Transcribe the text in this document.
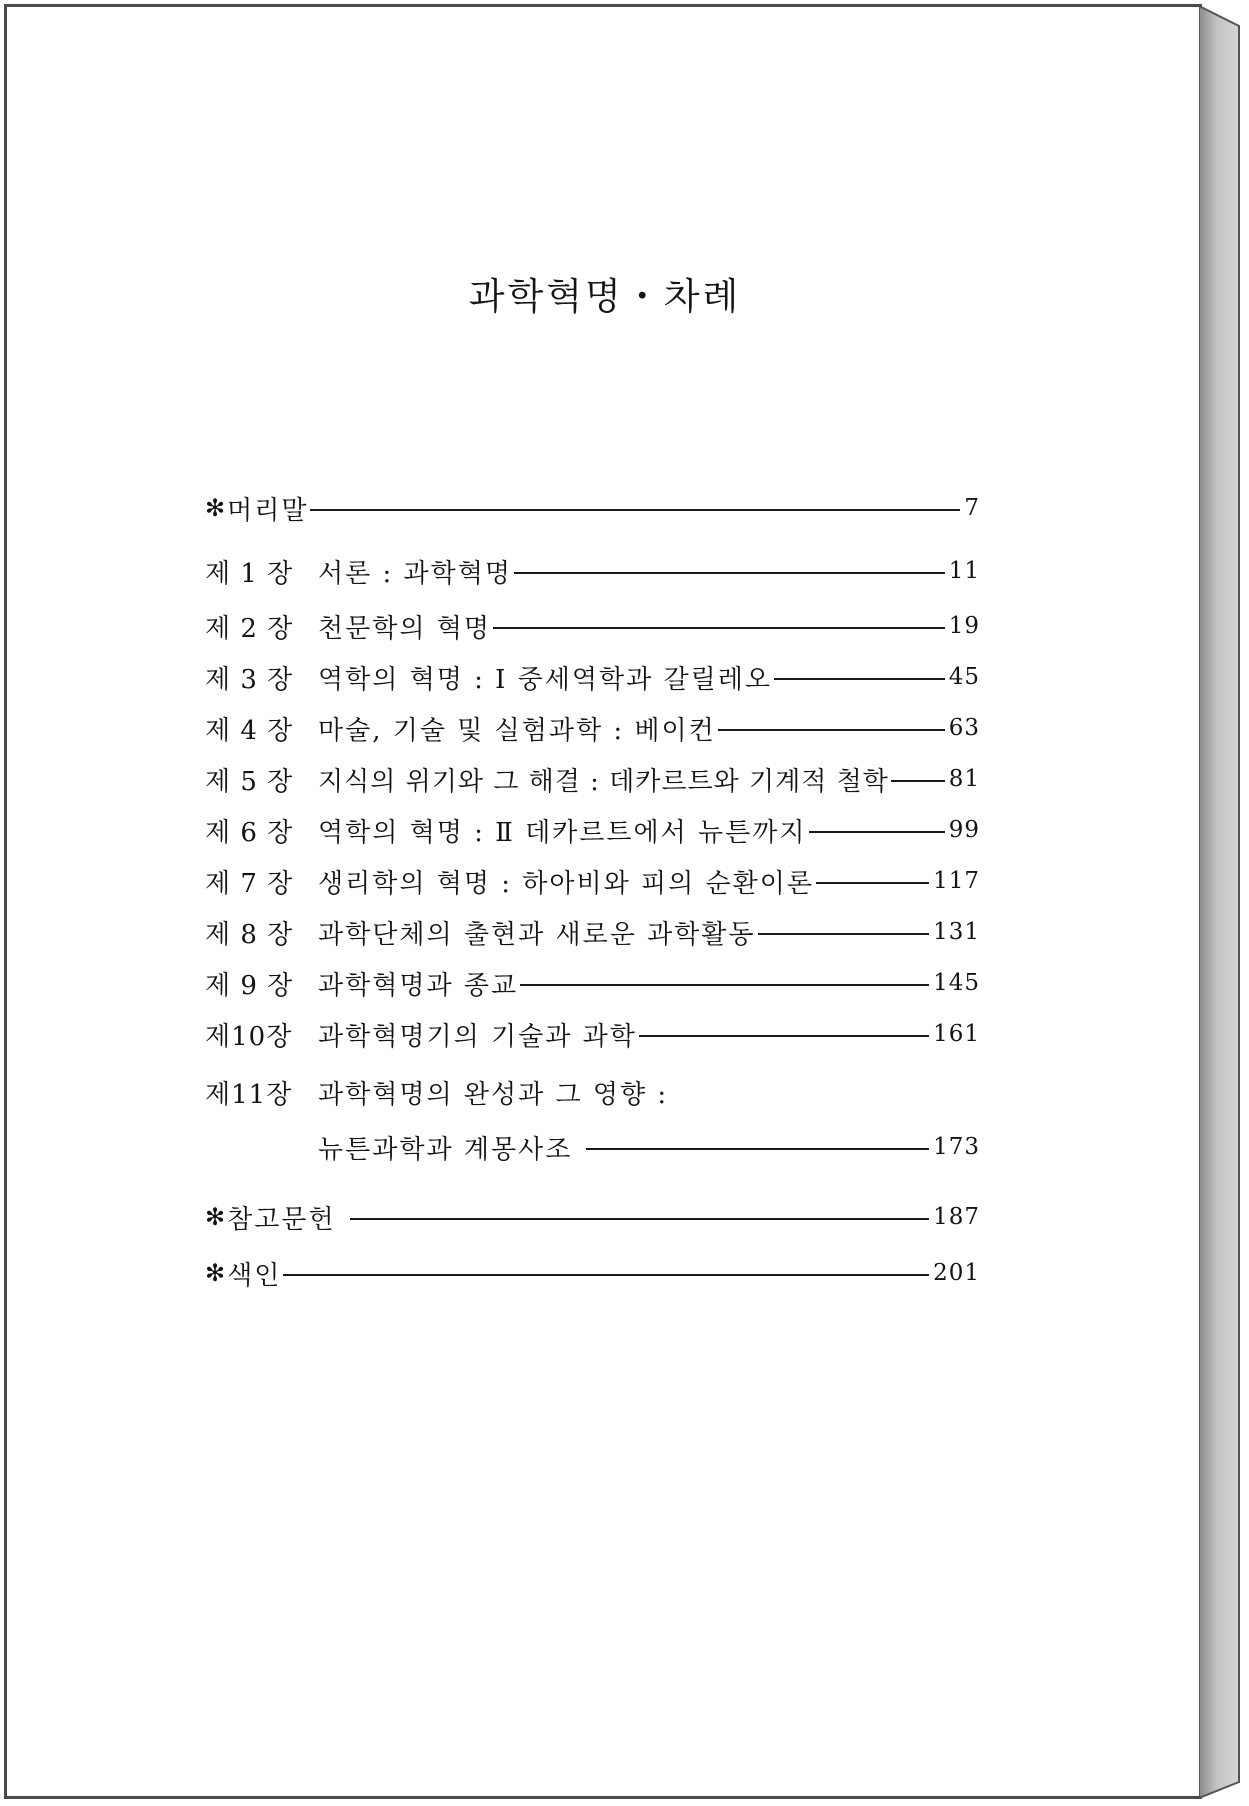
과학혁명・차례
✻ 머리말	7
제 1 장 서론 : 과학혁명	11
제 2 장 천문학의 혁명	19
제 3 장 역학의 혁명 : Ⅰ 중세역학과 갈릴레오	45
제 4 장 마술, 기술 및 실험과학 : 베이컨	63
제 5 장 지식의 위기와 그 해결 : 데카르트와 기계적 철학	81
제 6 장 역학의 혁명 : Ⅱ 데카르트에서 뉴튼까지	99
제 7 장 생리학의 혁명 : 하아비와 피의 순환이론	117
제 8 장 과학단체의 출현과 새로운 과학활동	131
제 9 장 과학혁명과 종교	145
제10장 과학혁명기의 기술과 과학	161
제11장 과학혁명의 완성과 그 영향 :
뉴튼과학과 계몽사조	173
✻ 참고문헌	187
✻ 색인	201
